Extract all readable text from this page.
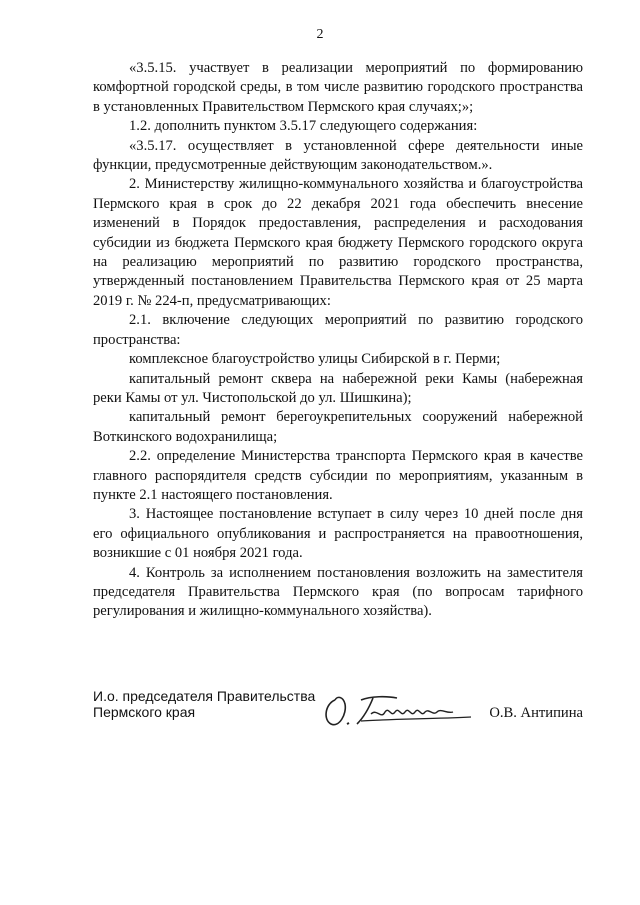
2

«3.5.15. участвует в реализации мероприятий по формированию комфортной городской среды, в том числе развитию городского пространства в установленных Правительством Пермского края случаях;»;

1.2. дополнить пунктом 3.5.17 следующего содержания:

«3.5.17. осуществляет в установленной сфере деятельности иные функции, предусмотренные действующим законодательством.».

2. Министерству жилищно-коммунального хозяйства и благоустройства Пермского края в срок до 22 декабря 2021 года обеспечить внесение изменений в Порядок предоставления, распределения и расходования субсидии из бюджета Пермского края бюджету Пермского городского округа на реализацию мероприятий по развитию городского пространства, утвержденный постановлением Правительства Пермского края от 25 марта 2019 г. № 224-п, предусматривающих:

2.1. включение следующих мероприятий по развитию городского пространства:

комплексное благоустройство улицы Сибирской в г. Перми;

капитальный ремонт сквера на набережной реки Камы (набережная реки Камы от ул. Чистопольской до ул. Шишкина);

капитальный ремонт берегоукрепительных сооружений набережной Воткинского водохранилища;

2.2. определение Министерства транспорта Пермского края в качестве главного распорядителя средств субсидии по мероприятиям, указанным в пункте 2.1 настоящего постановления.

3. Настоящее постановление вступает в силу через 10 дней после дня его официального опубликования и распространяется на правоотношения, возникшие с 01 ноября 2021 года.

4. Контроль за исполнением постановления возложить на заместителя председателя Правительства Пермского края (по вопросам тарифного регулирования и жилищно-коммунального хозяйства).

И.о. председателя Правительства
Пермского края	О.В. Антипина
